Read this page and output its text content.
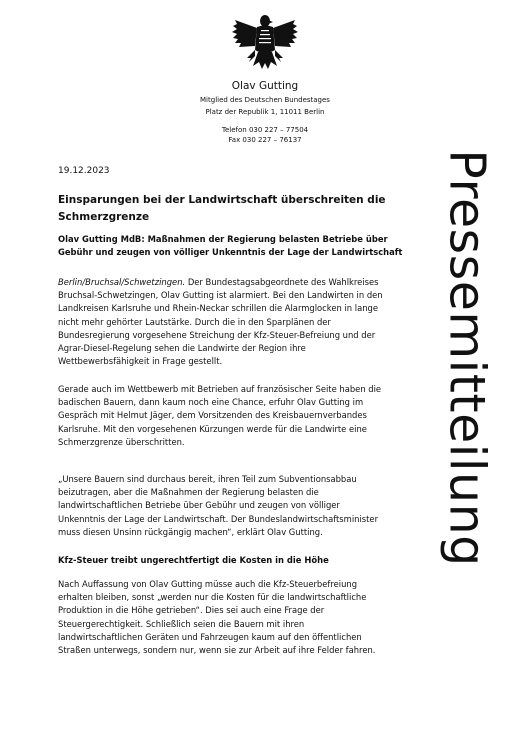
Olav Gutting
Mitglied des Deutschen Bundestages
Platz der Republik 1, 11011 Berlin
Telefon 030 227 – 77504
Fax 030 227 – 76137
Pressemitteilung
19.12.2023
Einsparungen bei der Landwirtschaft überschreiten die
Schmerzgrenze
Olav Gutting MdB: Maßnahmen der Regierung belasten Betriebe über
Gebühr und zeugen von völliger Unkenntnis der Lage der Landwirtschaft
Berlin/Bruchsal/Schwetzingen. Der Bundestagsabgeordnete des Wahlkreises
Bruchsal-Schwetzingen, Olav Gutting ist alarmiert. Bei den Landwirten in den
Landkreisen Karlsruhe und Rhein-Neckar schrillen die Alarmglocken in lange
nicht mehr gehörter Lautstärke. Durch die in den Sparplänen der
Bundesregierung vorgesehene Streichung der Kfz-Steuer-Befreiung und der
Agrar-Diesel-Regelung sehen die Landwirte der Region ihre
Wettbewerbsfähigkeit in Frage gestellt.
Gerade auch im Wettbewerb mit Betrieben auf französischer Seite haben die
badischen Bauern, dann kaum noch eine Chance, erfuhr Olav Gutting im
Gespräch mit Helmut Jäger, dem Vorsitzenden des Kreisbauernverbandes
Karlsruhe. Mit den vorgesehenen Kürzungen werde für die Landwirte eine
Schmerzgrenze überschritten.
„Unsere Bauern sind durchaus bereit, ihren Teil zum Subventionsabbau
beizutragen, aber die Maßnahmen der Regierung belasten die
landwirtschaftlichen Betriebe über Gebühr und zeugen von völliger
Unkenntnis der Lage der Landwirtschaft. Der Bundeslandwirtschaftsminister
muss diesen Unsinn rückgängig machen“, erklärt Olav Gutting.
Kfz-Steuer treibt ungerechtfertigt die Kosten in die Höhe
Nach Auffassung von Olav Gutting müsse auch die Kfz-Steuerbefreiung
erhalten bleiben, sonst „werden nur die Kosten für die landwirtschaftliche
Produktion in die Höhe getrieben“. Dies sei auch eine Frage der
Steuergerechtigkeit. Schließlich seien die Bauern mit ihren
landwirtschaftlichen Geräten und Fahrzeugen kaum auf den öffentlichen
Straßen unterwegs, sondern nur, wenn sie zur Arbeit auf ihre Felder fahren.
